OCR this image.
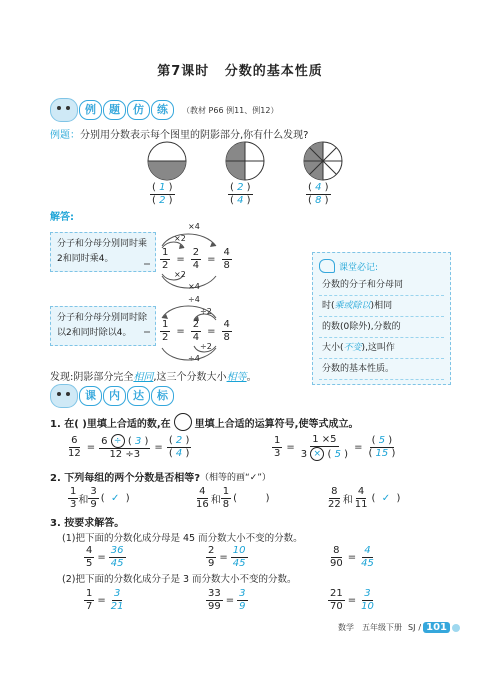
第7课时 分数的基本性质
例	题	仿	练	（教材 P66 例11、例12）
例题：分别用分数表示每个图里的阴影部分,你有什么发现?
$\frac{( 1 )}{( 2 )}$	$\frac{( 2 )}{( 4 )}$	$\frac{( 4 )}{( 8 )}$
解答:
分子和分母分别同时乘2和同时乘4。
分子和分母分别同时除以2和同时除以4。
×4
×2
×2
×4
$\frac{1}{2} = \frac{2}{4} = \frac{4}{8}$
÷4
÷2
÷2
÷4
$\frac{1}{2} = \frac{2}{4} = \frac{4}{8}$
课堂必记:
分数的分子和分母同
时(乘或除以)相同
的数(0除外),分数的
大小(不变),这叫作
分数的基本性质。
发现:阴影部分完全相同,这三个分数大小相等。
课	内	达	标
1. 在( )里填上合适的数,在 里填上合适的运算符号,使等式成立。
$\frac{6}{12} = \frac{6 \div ( 3 )}{12 \div 3} = \frac{( 2 )}{( 4 )}$	$\frac{1}{3} = \frac{1 \times 5}{3 \times ( 5 )} = \frac{( 5 )}{( 15 )}$
2. 下列每组的两个分数是否相等? （相等的画“✓”）
$\frac{1}{3}$ 和 $\frac{3}{9}$ (  ✓  )	$\frac{4}{16}$ 和 $\frac{1}{8}$ (         )	$\frac{8}{22}$ 和 $\frac{4}{11}$ (  ✓  )
3. 按要求解答。
(1)把下面的分数化成分母是 45 而分数大小不变的分数。
$\frac{4}{5} = \frac{36}{45}$	$\frac{2}{9} = \frac{10}{45}$	$\frac{8}{90} = \frac{4}{45}$
(2)把下面的分数化成分子是 3 而分数大小不变的分数。
$\frac{1}{7} = \frac{3}{21}$	$\frac{33}{99} = \frac{3}{9}$	$\frac{21}{70} = \frac{3}{10}$
数学 五年级下册 SJ / 101
